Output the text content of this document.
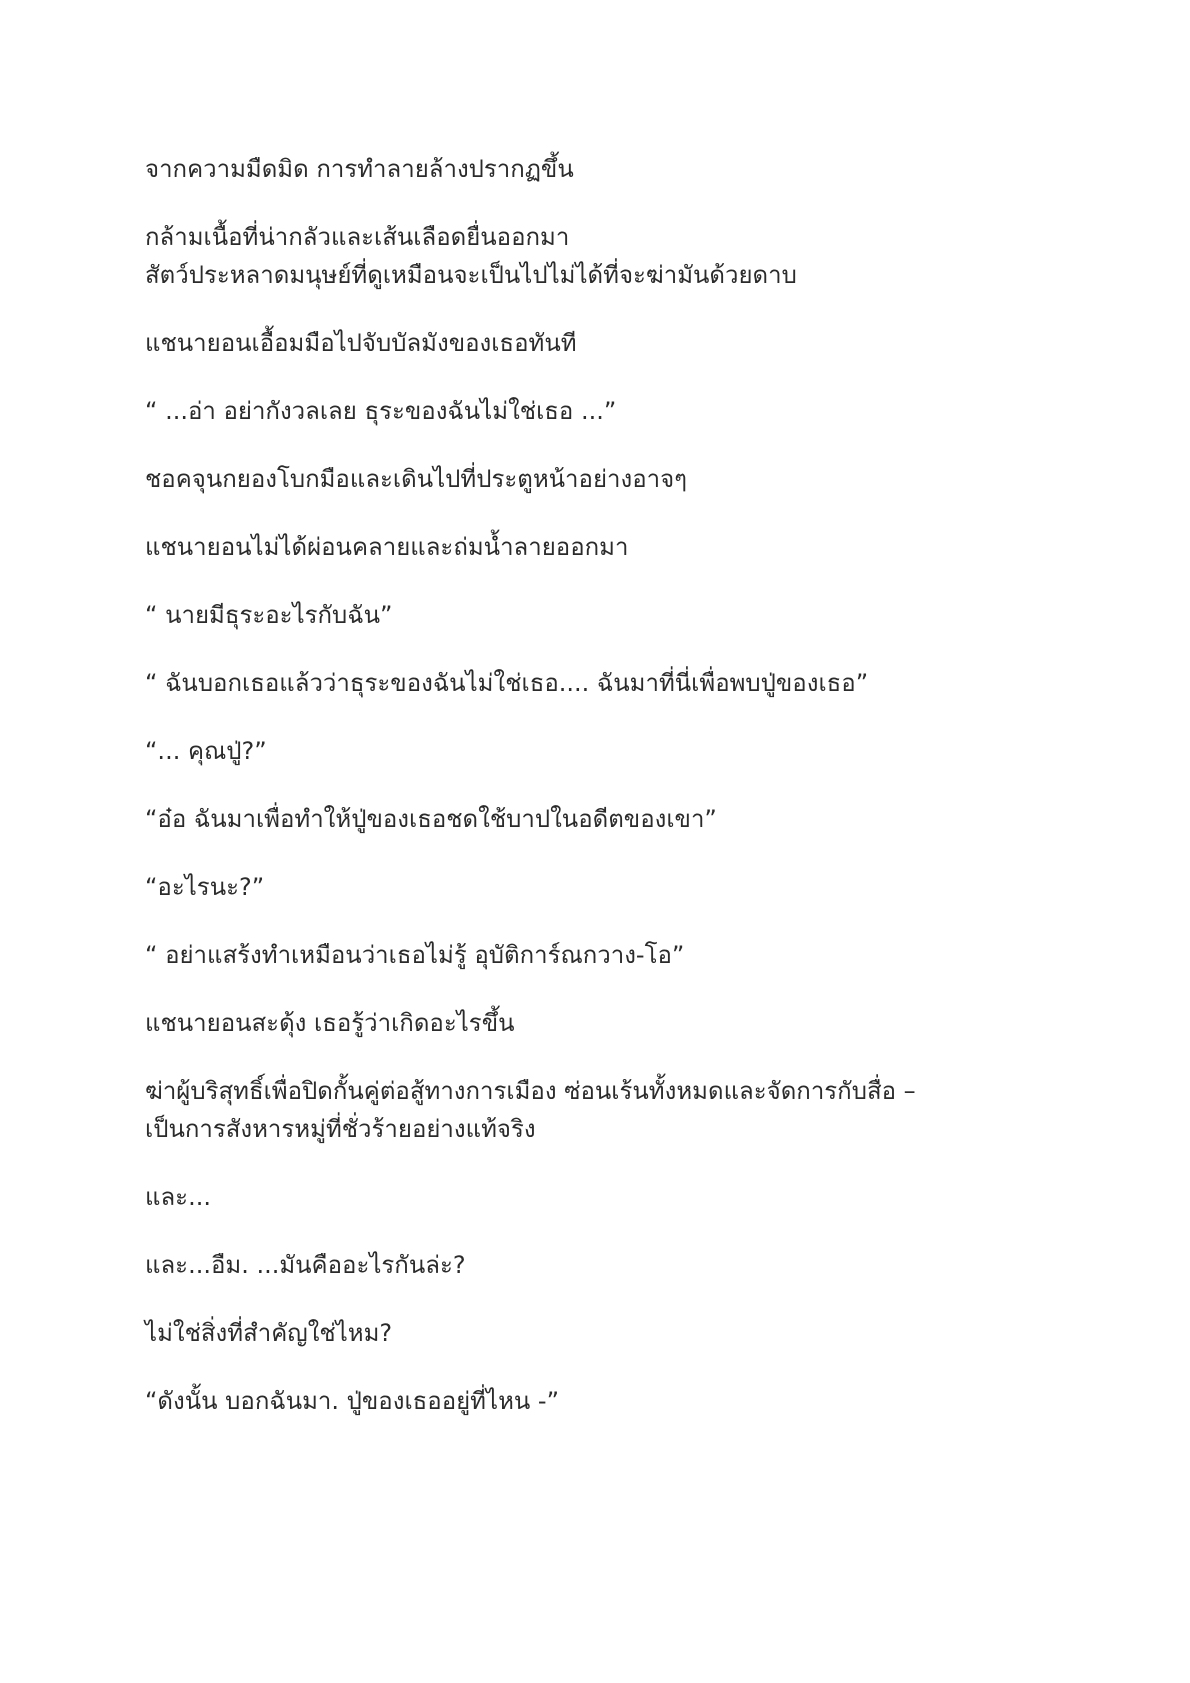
จากความมืดมิด การทำลายล้างปรากฏขึ้น

กล้ามเนื้อที่น่ากลัวและเส้นเลือดยื่นออกมา
สัตว์ประหลาดมนุษย์ที่ดูเหมือนจะเป็นไปไม่ได้ที่จะฆ่ามันด้วยดาบ

แชนายอนเอื้อมมือไปจับบัลมังของเธอทันที

“ ...อ่า อย่ากังวลเลย ธุระของฉันไม่ใช่เธอ ...”

ชอคจุนกยองโบกมือและเดินไปที่ประตูหน้าอย่างอาจๆ

แชนายอนไม่ได้ผ่อนคลายและถ่มน้ำลายออกมา

“ นายมีธุระอะไรกับฉัน”

“ ฉันบอกเธอแล้วว่าธุระของฉันไม่ใช่เธอ.... ฉันมาที่นี่เพื่อพบปู่ของเธอ”

“... คุณปู่?”

“อ๋อ ฉันมาเพื่อทำให้ปู่ของเธอชดใช้บาปในอดีตของเขา”

“อะไรนะ?”

“ อย่าแสร้งทำเหมือนว่าเธอไม่รู้ อุบัติการ์ณกวาง-โอ”

แชนายอนสะดุ้ง เธอรู้ว่าเกิดอะไรขึ้น

ฆ่าผู้บริสุทธิ์เพื่อปิดกั้นคู่ต่อสู้ทางการเมือง ซ่อนเร้นทั้งหมดและจัดการกับสื่อ –
เป็นการสังหารหมู่ที่ชั่วร้ายอย่างแท้จริง

และ...

และ...อืม. ...มันคืออะไรกันล่ะ?

ไม่ใช่สิ่งที่สำคัญใช่ไหม?

“ดังนั้น บอกฉันมา. ปู่ของเธออยู่ที่ไหน -”
